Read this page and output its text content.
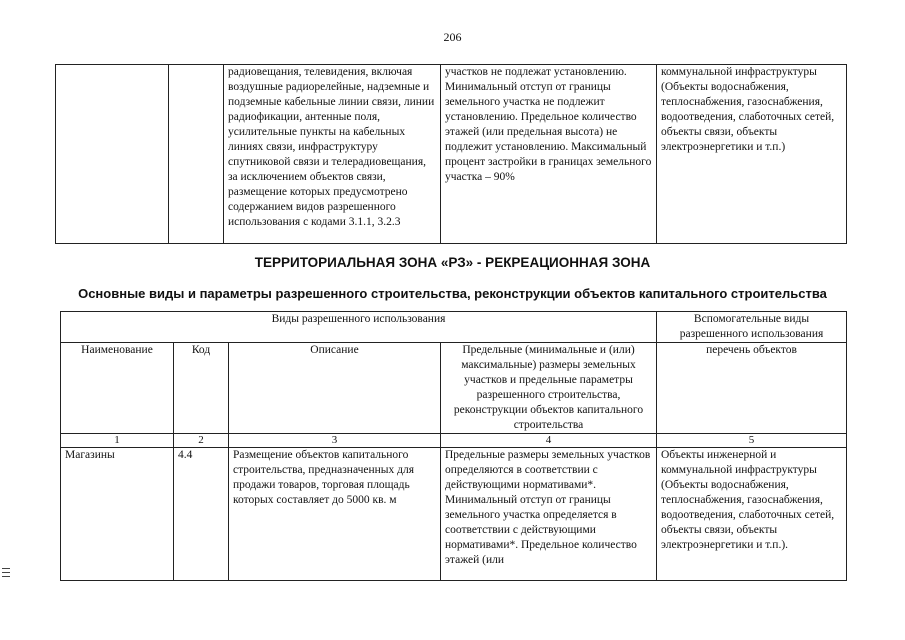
206
		радиовещания, телевидения, включая воздушные радиорелейные, надземные и подземные кабельные линии связи, линии радиофикации, антенные поля, усилительные пункты на кабельных линиях связи, инфраструктуру спутниковой связи и телерадиовещания, за исключением объектов связи, размещение которых предусмотрено содержанием видов разрешенного использования с кодами 3.1.1, 3.2.3	участков не подлежат установлению. Минимальный отступ от границы земельного участка не подлежит установлению. Предельное количество этажей (или предельная высота) не подлежит установлению. Максимальный процент застройки в границах земельного участка – 90%	коммунальной инфраструктуры (Объекты водоснабжения, теплоснабжения, газоснабжения, водоотведения, слаботочных сетей, объекты связи, объекты электроэнергетики и т.п.)
ТЕРРИТОРИАЛЬНАЯ ЗОНА «РЗ» - РЕКРЕАЦИОННАЯ ЗОНА
Основные виды и параметры разрешенного строительства, реконструкции объектов капитального строительства
Виды разрешенного использования				Вспомогательные виды разрешенного использования
Наименование	Код	Описание	Предельные (минимальные и (или) максимальные) размеры земельных участков и предельные параметры разрешенного строительства, реконструкции объектов капитального строительства	перечень объектов
1	2	3	4	5
Магазины	4.4	Размещение объектов капитального строительства, предназначенных для продажи товаров, торговая площадь которых составляет до 5000 кв. м	Предельные размеры земельных участков определяются в соответствии с действующими нормативами*. Минимальный отступ от границы земельного участка определяется в соответствии с действующими нормативами*. Предельное количество этажей (или	Объекты инженерной и коммунальной инфраструктуры (Объекты водоснабжения, теплоснабжения, газоснабжения, водоотведения, слаботочных сетей, объекты связи, объекты электроэнергетики и т.п.).
